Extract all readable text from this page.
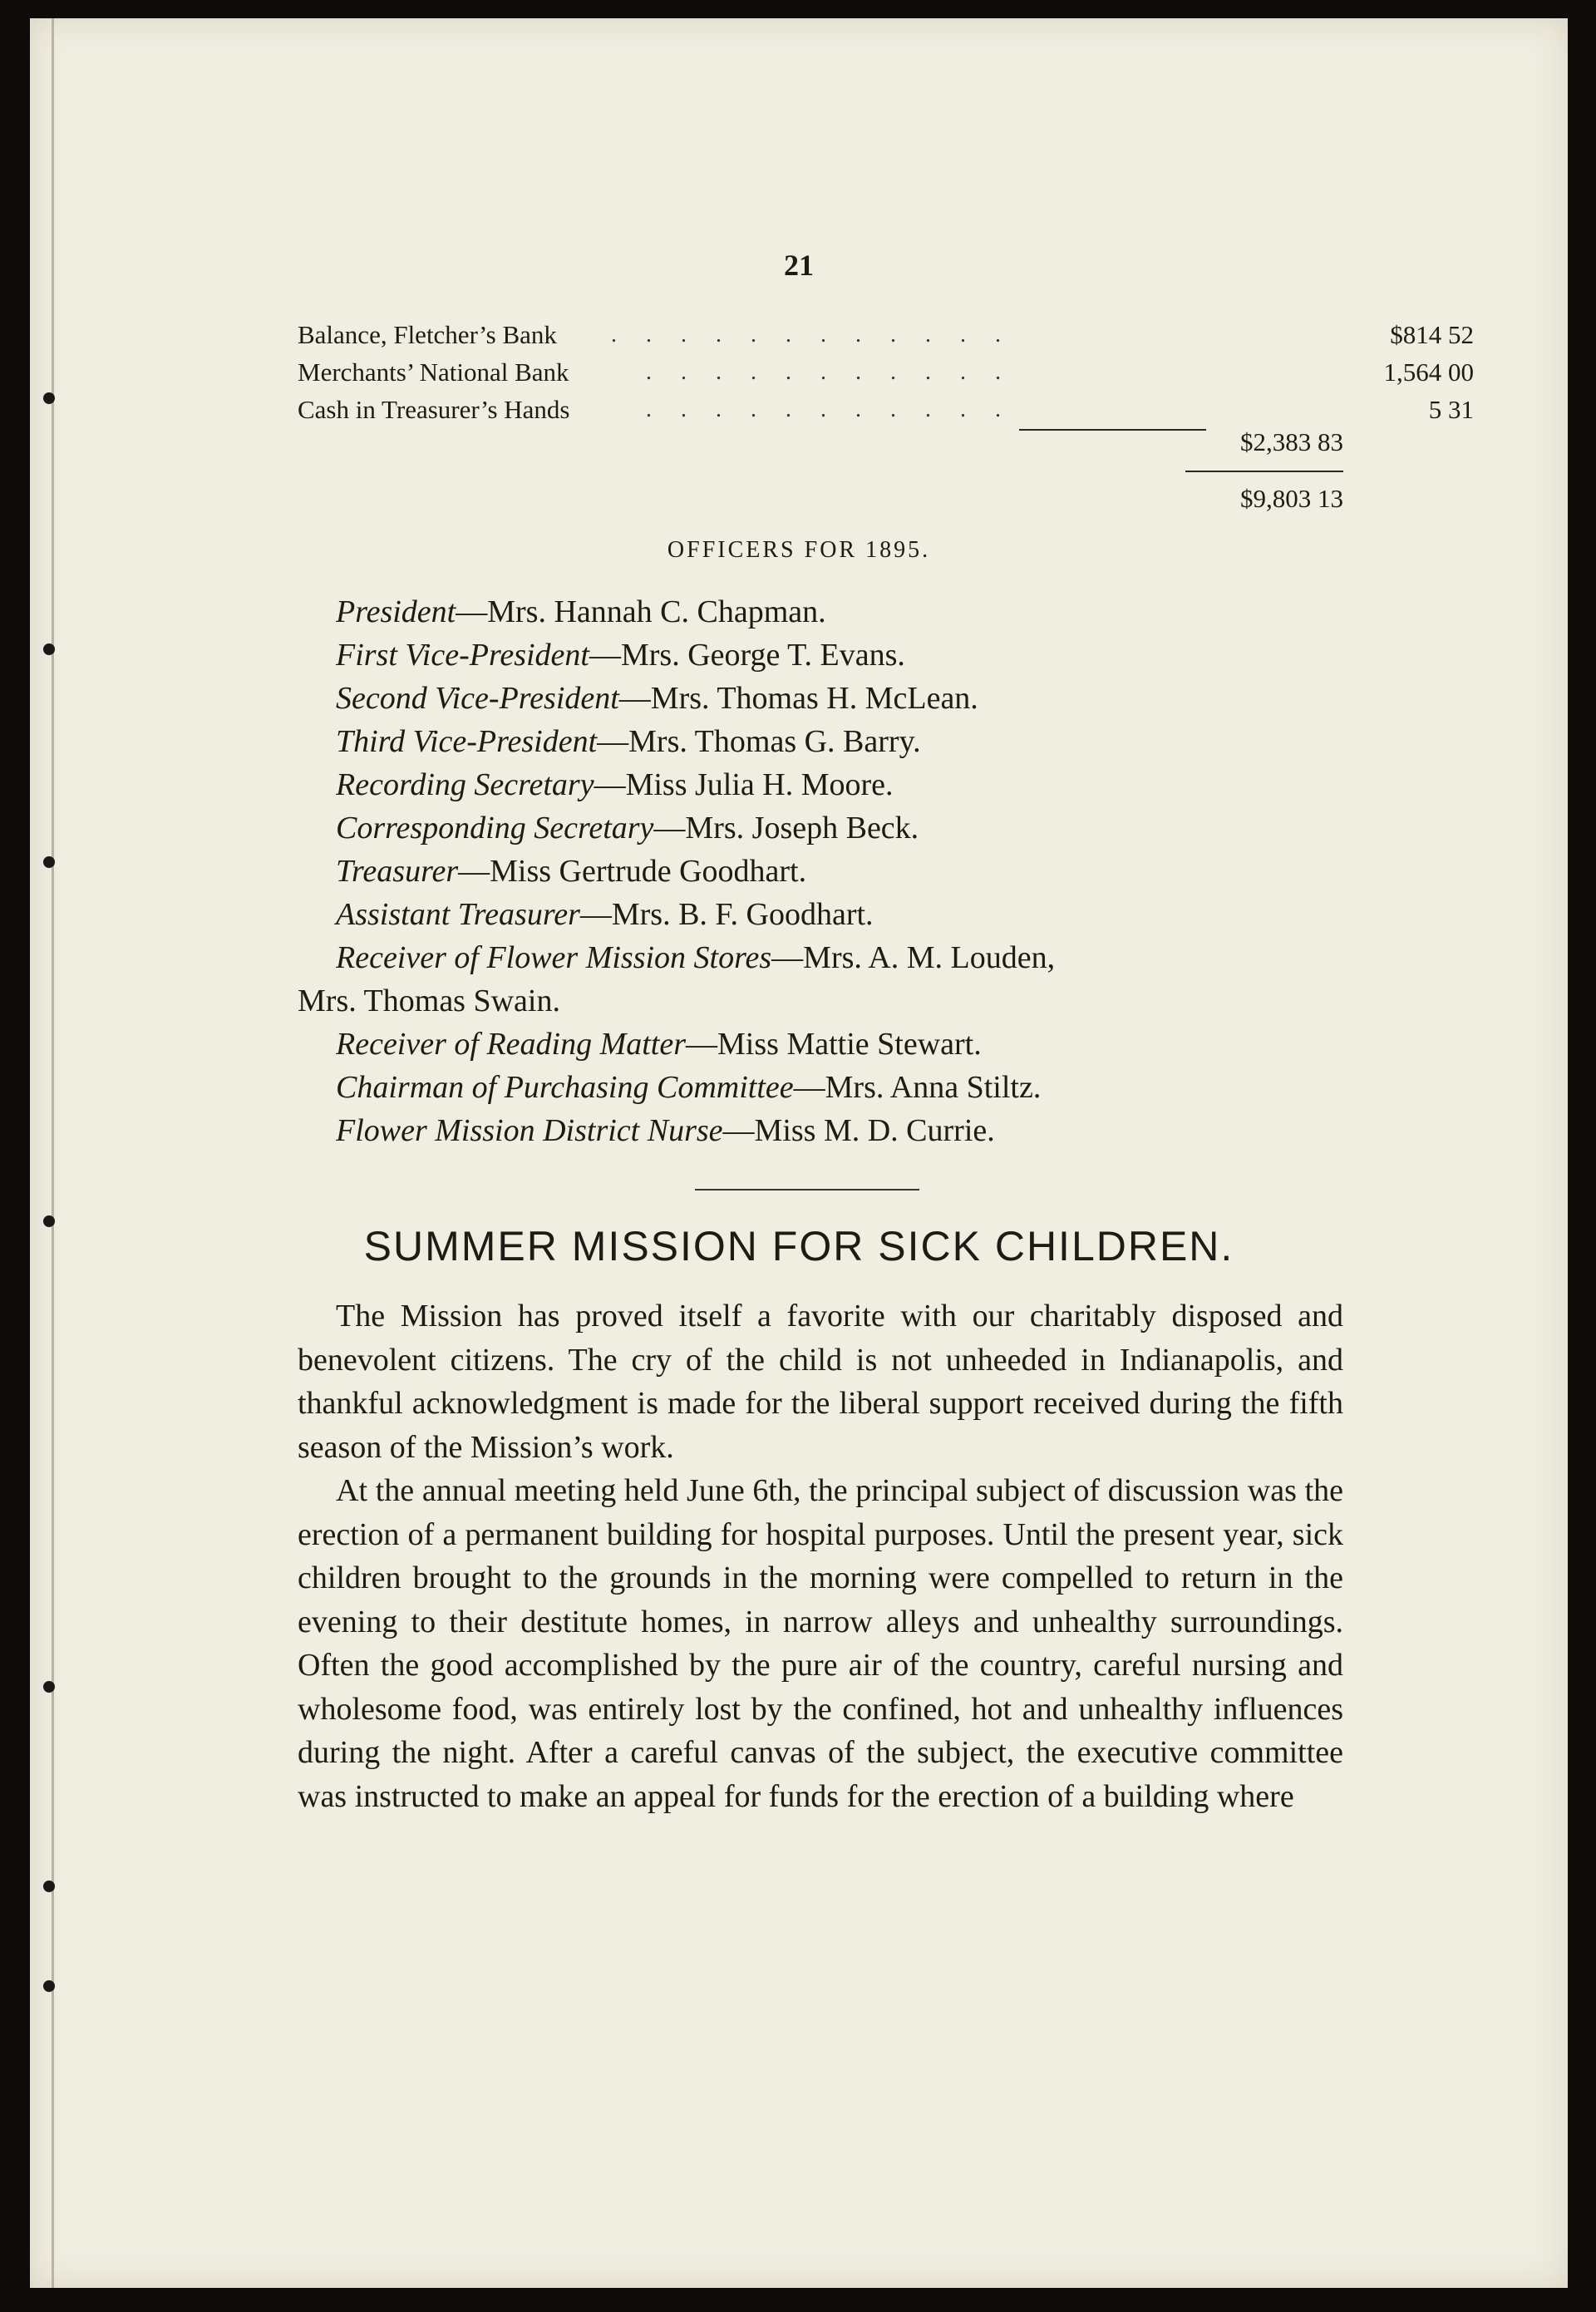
21
Balance, Fletcher’s Bank	. . . . . . . . . . . .	$814 52
Merchants’ National Bank	. . . . . . . . . . .	1,564 00
Cash in Treasurer’s Hands	. . . . . . . . . . .	5 31
$2,383 83
$9,803 13
OFFICERS FOR 1895.
President—Mrs. Hannah C. Chapman.
First Vice-President—Mrs. George T. Evans.
Second Vice-President—Mrs. Thomas H. McLean.
Third Vice-President—Mrs. Thomas G. Barry.
Recording Secretary—Miss Julia H. Moore.
Corresponding Secretary—Mrs. Joseph Beck.
Treasurer—Miss Gertrude Goodhart.
Assistant Treasurer—Mrs. B. F. Goodhart.
Receiver of Flower Mission Stores—Mrs. A. M. Louden,
Mrs. Thomas Swain.
Receiver of Reading Matter—Miss Mattie Stewart.
Chairman of Purchasing Committee—Mrs. Anna Stiltz.
Flower Mission District Nurse—Miss M. D. Currie.
SUMMER MISSION FOR SICK CHILDREN.

The Mission has proved itself a favorite with our charitably disposed and benevolent citizens. The cry of the child is not unheeded in Indianapolis, and thankful acknowledgment is made for the liberal support received during the fifth season of the Mission’s work.

At the annual meeting held June 6th, the principal subject of discussion was the erection of a permanent building for hospital purposes. Until the present year, sick children brought to the grounds in the morning were compelled to return in the evening to their destitute homes, in narrow alleys and unhealthy surroundings. Often the good accomplished by the pure air of the country, careful nursing and wholesome food, was entirely lost by the confined, hot and unhealthy influences during the night. After a careful canvas of the subject, the executive committee was instructed to make an appeal for funds for the erection of a building where
